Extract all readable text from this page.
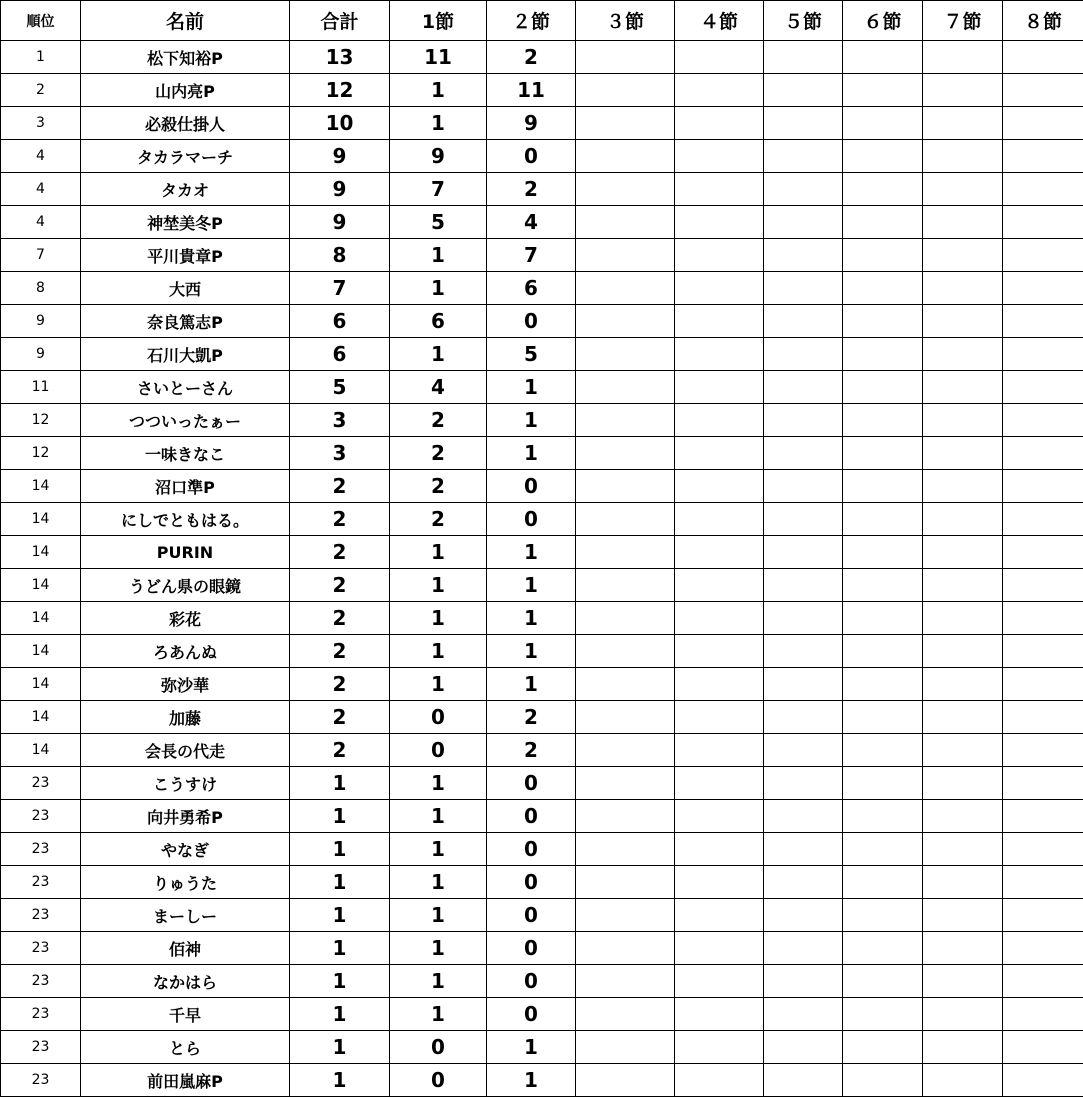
順位	名前	合計	1節	２節	３節	４節	５節	６節	７節	８節
1	松下知裕P	13	11	2						
2	山内亮P	12	1	11						
3	必殺仕掛人	10	1	9						
4	タカラマーチ	9	9	0						
4	タカオ	9	7	2						
4	神埜美冬P	9	5	4						
7	平川貴章P	8	1	7						
8	大西	7	1	6						
9	奈良篤志P	6	6	0						
9	石川大凱P	6	1	5						
11	さいとーさん	5	4	1						
12	つついったぁー	3	2	1						
12	一味きなこ	3	2	1						
14	沼口準P	2	2	0						
14	にしでともはる。	2	2	0						
14	PURIN	2	1	1						
14	うどん県の眼鏡	2	1	1						
14	彩花	2	1	1						
14	ろあんぬ	2	1	1						
14	弥沙華	2	1	1						
14	加藤	2	0	2						
14	会長の代走	2	0	2						
23	こうすけ	1	1	0						
23	向井勇希P	1	1	0						
23	やなぎ	1	1	0						
23	りゅうた	1	1	0						
23	まーしー	1	1	0						
23	佰神	1	1	0						
23	なかはら	1	1	0						
23	千早	1	1	0						
23	とら	1	0	1						
23	前田嵐麻P	1	0	1						
